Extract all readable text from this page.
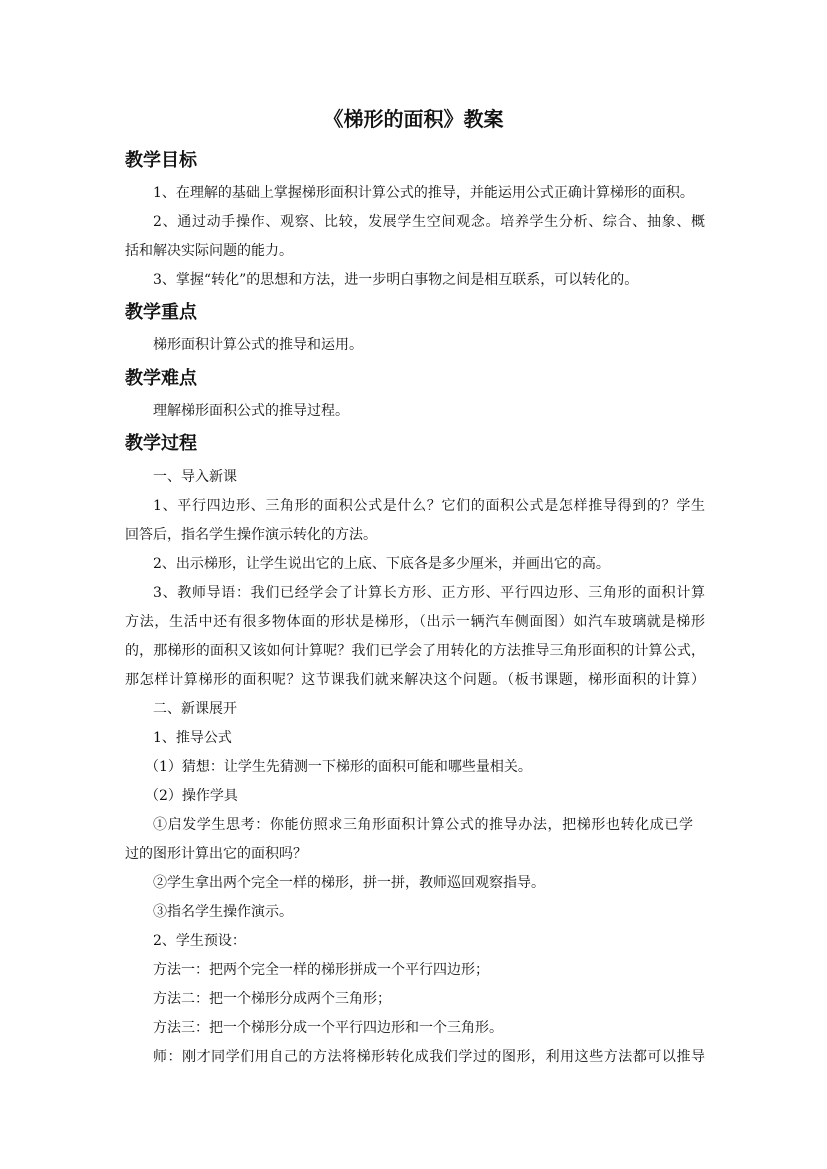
《梯形的面积》教案
教学目标
1、在理解的基础上掌握梯形面积计算公式的推导，并能运用公式正确计算梯形的面积。
2、通过动手操作、观察、比较，发展学生空间观念。培养学生分析、综合、抽象、概
括和解决实际问题的能力。
3、掌握“转化”的思想和方法，进一步明白事物之间是相互联系，可以转化的。
教学重点
梯形面积计算公式的推导和运用。
教学难点
理解梯形面积公式的推导过程。
教学过程
一、导入新课
1、平行四边形、三角形的面积公式是什么？它们的面积公式是怎样推导得到的？学生
回答后，指名学生操作演示转化的方法。
2、出示梯形，让学生说出它的上底、下底各是多少厘米，并画出它的高。
3、教师导语：我们已经学会了计算长方形、正方形、平行四边形、三角形的面积计算
方法，生活中还有很多物体面的形状是梯形，（出示一辆汽车侧面图）如汽车玻璃就是梯形
的，那梯形的面积又该如何计算呢？我们已学会了用转化的方法推导三角形面积的计算公式，
那怎样计算梯形的面积呢？这节课我们就来解决这个问题。（板书课题，梯形面积的计算）
二、新课展开
1、推导公式
（1）猜想：让学生先猜测一下梯形的面积可能和哪些量相关。
（2）操作学具
①启发学生思考：你能仿照求三角形面积计算公式的推导办法，把梯形也转化成已学
过的图形计算出它的面积吗？
②学生拿出两个完全一样的梯形，拼一拼，教师巡回观察指导。
③指名学生操作演示。
2、学生预设：
方法一：把两个完全一样的梯形拼成一个平行四边形；
方法二：把一个梯形分成两个三角形；
方法三：把一个梯形分成一个平行四边形和一个三角形。
师：刚才同学们用自己的方法将梯形转化成我们学过的图形，利用这些方法都可以推导
